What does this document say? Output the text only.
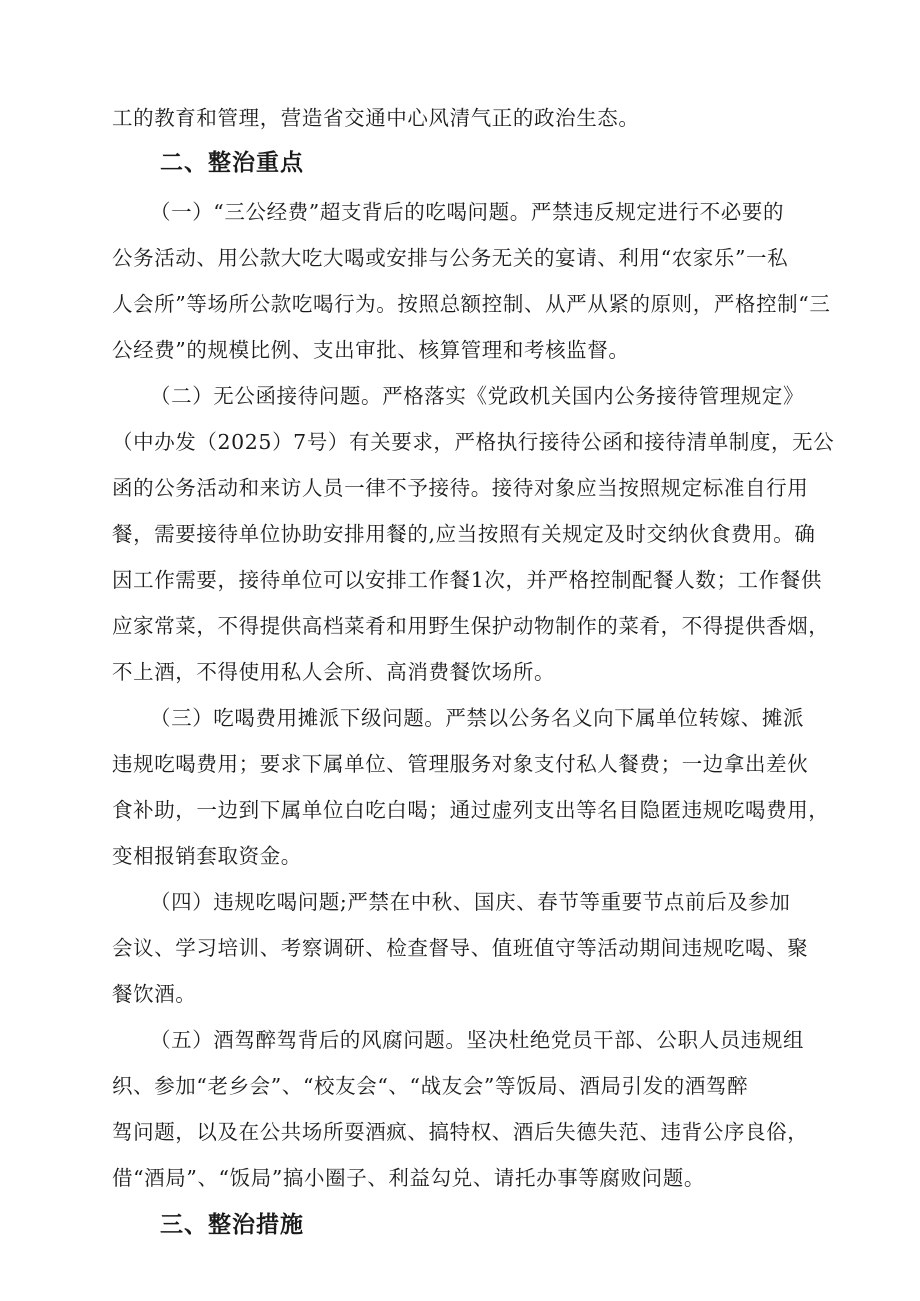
工的教育和管理，营造省交通中心风清气正的政治生态。
二、整治重点
（一）“三公经费”超支背后的吃喝问题。严禁违反规定进行不必要的
公务活动、用公款大吃大喝或安排与公务无关的宴请、利用“农家乐”一私
人会所”等场所公款吃喝行为。按照总额控制、从严从紧的原则，严格控制“三
公经费”的规模比例、支出审批、核算管理和考核监督。
（二）无公函接待问题。严格落实《党政机关国内公务接待管理规定》
（中办发（2025）7号）有关要求，严格执行接待公函和接待清单制度，无公
函的公务活动和来访人员一律不予接待。接待对象应当按照规定标准自行用
餐，需要接待单位协助安排用餐的,应当按照有关规定及时交纳伙食费用。确
因工作需要，接待单位可以安排工作餐1次，并严格控制配餐人数；工作餐供
应家常菜，不得提供高档菜肴和用野生保护动物制作的菜肴，不得提供香烟，
不上酒，不得使用私人会所、高消费餐饮场所。
（三）吃喝费用摊派下级问题。严禁以公务名义向下属单位转嫁、摊派
违规吃喝费用；要求下属单位、管理服务对象支付私人餐费；一边拿出差伙
食补助，一边到下属单位白吃白喝；通过虚列支出等名目隐匿违规吃喝费用，
变相报销套取资金。
（四）违规吃喝问题;严禁在中秋、国庆、春节等重要节点前后及参加
会议、学习培训、考察调研、检查督导、值班值守等活动期间违规吃喝、聚
餐饮酒。
（五）酒驾醉驾背后的风腐问题。坚决杜绝党员干部、公职人员违规组
织、参加“老乡会”、“校友会“、“战友会”等饭局、酒局引发的酒驾醉
驾问题，以及在公共场所耍酒疯、搞特权、酒后失德失范、违背公序良俗，
借“酒局”、“饭局”搞小圈子、利益勾兑、请托办事等腐败问题。
三、整治措施
